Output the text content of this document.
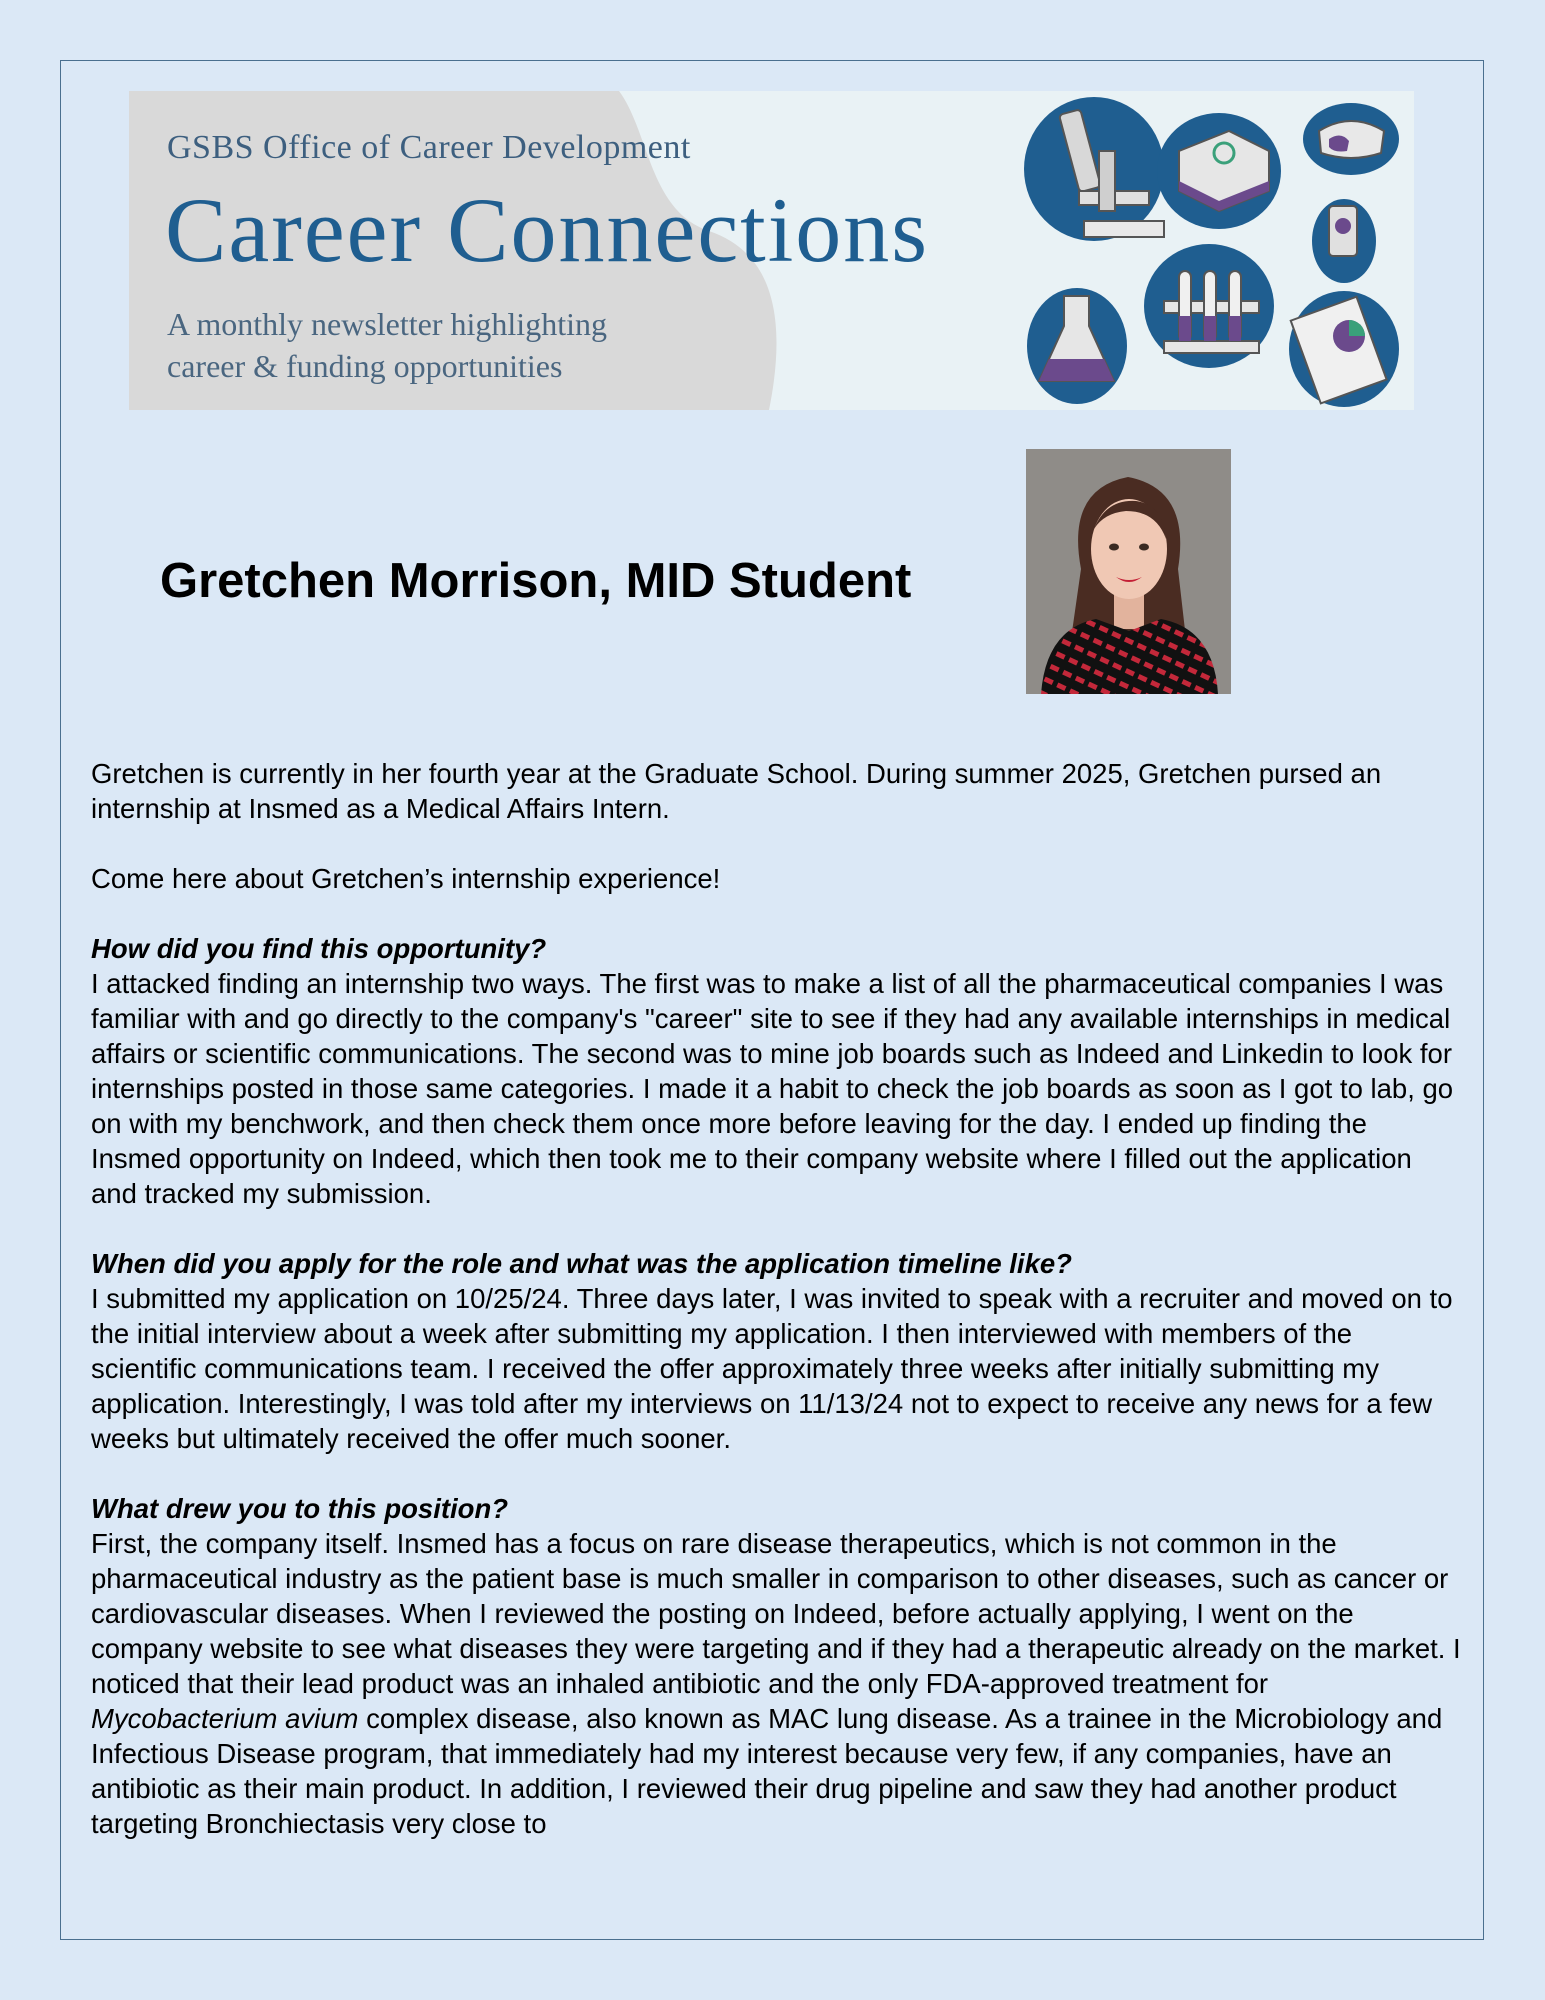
GSBS Office of Career Development
Career Connections
A monthly newsletter highlighting
career & funding opportunities
Gretchen Morrison, MID Student

Gretchen is currently in her fourth year at the Graduate School. During summer 2025, Gretchen pursed an internship at Insmed as a Medical Affairs Intern.

Come here about Gretchen’s internship experience!

How did you find this opportunity?

I attacked finding an internship two ways. The first was to make a list of all the pharmaceutical companies I was familiar with and go directly to the company's "career" site to see if they had any available internships in medical affairs or scientific communications. The second was to mine job boards such as Indeed and Linkedin to look for internships posted in those same categories. I made it a habit to check the job boards as soon as I got to lab, go on with my benchwork, and then check them once more before leaving for the day. I ended up finding the Insmed opportunity on Indeed, which then took me to their company website where I filled out the application and tracked my submission.

When did you apply for the role and what was the application timeline like?

I submitted my application on 10/25/24. Three days later, I was invited to speak with a recruiter and moved on to the initial interview about a week after submitting my application. I then interviewed with members of the scientific communications team. I received the offer approximately three weeks after initially submitting my application. Interestingly, I was told after my interviews on 11/13/24 not to expect to receive any news for a few weeks but ultimately received the offer much sooner.

What drew you to this position?

First, the company itself. Insmed has a focus on rare disease therapeutics, which is not common in the pharmaceutical industry as the patient base is much smaller in comparison to other diseases, such as cancer or cardiovascular diseases. When I reviewed the posting on Indeed, before actually applying, I went on the company website to see what diseases they were targeting and if they had a therapeutic already on the market. I noticed that their lead product was an inhaled antibiotic and the only FDA-approved treatment for Mycobacterium avium complex disease, also known as MAC lung disease. As a trainee in the Microbiology and Infectious Disease program, that immediately had my interest because very few, if any companies, have an antibiotic as their main product. In addition, I reviewed their drug pipeline and saw they had another product targeting Bronchiectasis very close to
